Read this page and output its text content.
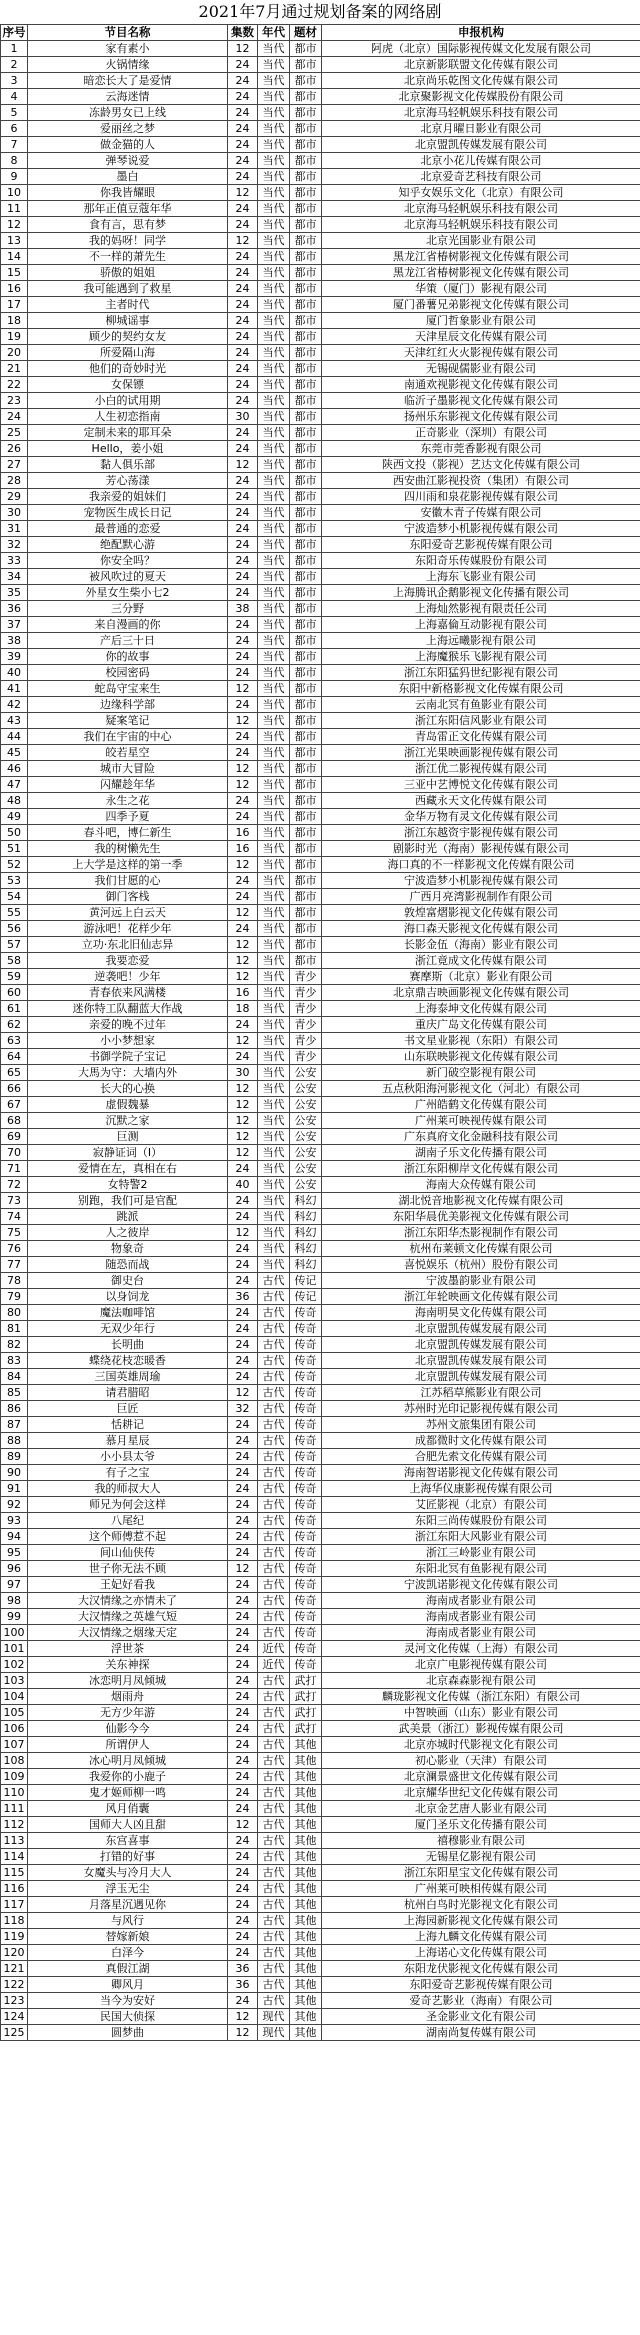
2021年7月通过规划备案的网络剧
序号	节目名称	集数	年代	题材	申报机构
1	家有素小	12	当代	都市	阿虎（北京）国际影视传媒文化发展有限公司
2	火锅情缘	24	当代	都市	北京新影联盟文化传媒有限公司
3	暗恋长大了是爱情	24	当代	都市	北京尚乐乾图文化传媒有限公司
4	云海迷情	24	当代	都市	北京聚影视文化传媒股份有限公司
5	冻龄男女已上线	24	当代	都市	北京海马轻帆娱乐科技有限公司
6	爱丽丝之梦	24	当代	都市	北京月曜日影业有限公司
7	做金猫的人	24	当代	都市	北京盟凯传媒发展有限公司
8	弹琴说爱	24	当代	都市	北京小花儿传媒有限公司
9	墨白	24	当代	都市	北京爱奇艺科技有限公司
10	你我皆耀眼	12	当代	都市	知乎女娱乐文化（北京）有限公司
11	那年正值豆蔻年华	24	当代	都市	北京海马轻帆娱乐科技有限公司
12	食有言，思有梦	24	当代	都市	北京海马轻帆娱乐科技有限公司
13	我的妈呀！同学	12	当代	都市	北京光国影业有限公司
14	不一样的萧先生	24	当代	都市	黑龙江省椿树影视文化传媒有限公司
15	骄傲的姐姐	24	当代	都市	黑龙江省椿树影视文化传媒有限公司
16	我可能遇到了救星	24	当代	都市	华策（厦门）影视有限公司
17	主者时代	24	当代	都市	厦门番薯兄弟影视文化传媒有限公司
18	柳城谣事	24	当代	都市	厦门哲象影业有限公司
19	顾少的契约女友	24	当代	都市	天津星辰文化传媒有限公司
20	所爱隔山海	24	当代	都市	天津红红火火影视传媒有限公司
21	他们的奇妙时光	24	当代	都市	无锡砚儒影业有限公司
22	女保镖	24	当代	都市	南通欢视影视文化传媒有限公司
23	小白的试用期	24	当代	都市	临沂子墨影视文化传媒有限公司
24	人生初恋指南	30	当代	都市	扬州乐东影视文化传媒有限公司
25	定制未来的耶耳朵	24	当代	都市	正奇影业（深圳）有限公司
26	Hello，姜小姐	24	当代	都市	东莞市莞香影视有限公司
27	黏人俱乐部	12	当代	都市	陕西文投（影视）艺达文化传媒有限公司
28	芳心荡漾	24	当代	都市	西安曲江影视投资（集团）有限公司
29	我亲爱的姐妹们	24	当代	都市	四川雨和泉花影视传媒有限公司
30	宠物医生成长日记	24	当代	都市	安徽木青子传媒有限公司
31	最普通的恋爱	24	当代	都市	宁波造梦小机影视传媒有限公司
32	绝配默心游	24	当代	都市	东阳爱奇艺影视传媒有限公司
33	你安全吗？	24	当代	都市	东阳奇乐传媒股份有限公司
34	被风吹过的夏天	24	当代	都市	上海东飞影业有限公司
35	外星女生柴小七2	24	当代	都市	上海腾讯企鹅影视文化传播有限公司
36	三分野	38	当代	都市	上海灿然影视有限责任公司
37	来自漫画的你	24	当代	都市	上海嘉倫互动影视有限公司
38	产后三十日	24	当代	都市	上海远曦影视有限公司
39	你的故事	24	当代	都市	上海魔猴乐飞影视有限公司
40	校园密码	24	当代	都市	浙江东阳猛犸世纪影视有限公司
41	蛇岛守宝来生	12	当代	都市	东阳中新格影视文化传媒有限公司
42	边缘科学部	24	当代	都市	云南北冥有鱼影业有限公司
43	疑案笔记	12	当代	都市	浙江东阳信风影业有限公司
44	我们在宇宙的中心	24	当代	都市	青岛雷正文化传媒有限公司
45	皎若星空	24	当代	都市	浙江光果映画影视传媒有限公司
46	城市大冒险	12	当代	都市	浙江优二影视传媒有限公司
47	闪耀趁年华	12	当代	都市	三亚中艺博悦文化传媒有限公司
48	永生之花	24	当代	都市	西藏永天文化传媒有限公司
49	四季予夏	24	当代	都市	金华万物有灵文化传媒有限公司
50	春斗吧，博仁新生	16	当代	都市	浙江东越资宇影视传媒有限公司
51	我的树懒先生	16	当代	都市	剧影时光（海南）影视传媒有限公司
52	上大学是这样的第一季	12	当代	都市	海口真的不一样影视文化传媒有限公司
53	我们甘愿的心	24	当代	都市	宁波造梦小机影视传媒有限公司
54	御门客栈	24	当代	都市	广西月亮湾影视制作有限公司
55	黄河远上白云天	12	当代	都市	敦煌富熠影视文化传媒有限公司
56	游泳吧！花样少年	24	当代	都市	海口森天影视文化传媒有限公司
57	立功·东北旧仙志异	12	当代	都市	长影金伍（海南）影业有限公司
58	我要恋爱	12	当代	都市	浙江竟成文化传媒有限公司
59	逆袭吧！少年	12	当代	青少	赛摩斯（北京）影业有限公司
60	青春依来风满楼	16	当代	青少	北京鼎吉映画影视文化传媒有限公司
61	迷你特工队翻蓝大作战	18	当代	青少	上海泰坤文化传媒有限公司
62	亲爱的晚不过年	24	当代	青少	重庆广岛文化传媒有限公司
63	小小梦想家	12	当代	青少	书文星业影视（东阳）有限公司
64	书御学院子宝记	24	当代	青少	山东联映影视文化传媒有限公司
65	大馬为守：大墙内外	30	当代	公安	新门破空影视有限公司
66	长大的心换	12	当代	公安	五点秋阳海河影视文化（河北）有限公司
67	虚假魏暴	12	当代	公安	广州皓鹤文化传媒有限公司
68	沉默之家	12	当代	公安	广州莱可映视传媒有限公司
69	巨测	12	当代	公安	广东真府文化金融科技有限公司
70	寂静证词（Ⅰ）	12	当代	公安	湖南子乐文化传播有限公司
71	爱情在左，真相在右	24	当代	公安	浙江东阳柳岸文化传媒有限公司
72	女特警2	40	当代	公安	海南大众传媒有限公司
73	别跑，我们可是官配	24	当代	科幻	湖北悦音地影视文化传媒有限公司
74	跳派	24	当代	科幻	东阳华晨优美影视文化传媒有限公司
75	人之彼岸	12	当代	科幻	浙江东阳华杰影视制作有限公司
76	物象奇	24	当代	科幻	杭州布莱顿文化传媒有限公司
77	随恐而战	24	当代	科幻	喜悦娱乐（杭州）股份有限公司
78	御史台	24	古代	传记	宁波墨韵影业有限公司
79	以身饲龙	36	古代	传记	浙江年轮映画文化传媒有限公司
80	魔法咖啡馆	24	古代	传奇	海南明昊文化传媒有限公司
81	无双少年行	24	古代	传奇	北京盟凯传媒发展有限公司
82	长明曲	24	古代	传奇	北京盟凯传媒发展有限公司
83	蝶绕花枝恋暖香	24	古代	传奇	北京盟凯传媒发展有限公司
84	三国英雄周瑜	24	古代	传奇	北京盟凯传媒发展有限公司
85	请君腊昭	12	古代	传奇	江苏稻草熊影业有限公司
86	巨匠	32	古代	传奇	苏州时光印记影视传媒有限公司
87	恬耕记	24	古代	传奇	苏州文旅集团有限公司
88	慕月星辰	24	古代	传奇	成都微时文化传媒有限公司
89	小小县太爷	24	古代	传奇	合肥先索文化传媒有限公司
90	有子之宝	24	古代	传奇	海南智诺影视文化传媒有限公司
91	我的师叔大人	24	古代	传奇	上海华仪康影视传媒有限公司
92	师兄为何会这样	24	古代	传奇	艾匠影视（北京）有限公司
93	八尾纪	24	古代	传奇	东阳三尚传媒股份有限公司
94	这个师傅惹不起	24	古代	传奇	浙江东阳大风影业有限公司
95	间山仙侠传	24	古代	传奇	浙江三岭影业有限公司
96	世子你无法不顾	12	古代	传奇	东阳北冥有鱼影视有限公司
97	王妃好看我	24	古代	传奇	宁波凯诺影视文化传媒有限公司
98	大汉情缘之亦情未了	24	古代	传奇	海南成者影业有限公司
99	大汉情缘之英雄气短	24	古代	传奇	海南成者影业有限公司
100	大汉情缘之烟缘天定	24	古代	传奇	海南成者影业有限公司
101	浮世茶	24	近代	传奇	灵河文化传媒（上海）有限公司
102	关东神探	24	近代	传奇	北京广电影视传媒有限公司
103	冰恋明月凤倾城	24	古代	武打	北京森森影视有限公司
104	烟雨舟	24	古代	武打	麟珑影视文化传媒（浙江东阳）有限公司
105	无方少年游	24	古代	武打	中智映画（山东）影业有限公司
106	仙影今今	24	古代	武打	武美景（浙江）影视传媒有限公司
107	所谓伊人	24	古代	其他	北京亦城时代影视文化有限公司
108	冰心明月凤倾城	24	古代	其他	初心影业（天津）有限公司
109	我爱你的小鹿子	24	古代	其他	北京澜景盛世文化传媒有限公司
110	鬼才姬师柳一鸣	24	古代	其他	北京耀华世纪文化传媒有限公司
111	风月俏囊	24	古代	其他	北京金艺唐人影业有限公司
112	国师大人凶且甜	12	古代	其他	厦门圣乐文化传播有限公司
113	东宫喜事	24	古代	其他	禧穆影业有限公司
114	打错的好事	24	古代	其他	无锡星亿影视有限公司
115	女魔头与冷月大人	24	古代	其他	浙江东阳星宝文化传媒有限公司
116	浮玉无尘	24	古代	其他	广州莱可映相传媒有限公司
117	月落星沉遇见你	24	古代	其他	杭州白鸟时光影视文化有限公司
118	与风行	24	古代	其他	上海园新影视文化传媒有限公司
119	替嫁新娘	24	古代	其他	上海九麟文化传媒有限公司
120	白泽今	24	古代	其他	上海诺心文化传媒有限公司
121	真假江湖	36	古代	其他	东阳龙伏影视文化传媒有限公司
122	卿风月	36	古代	其他	东阳爱奇艺影视传媒有限公司
123	当今为安好	24	古代	其他	爱奇艺影业（海南）有限公司
124	民国大侦探	12	现代	其他	圣金影业文化有限公司
125	圆梦曲	12	现代	其他	湖南尚复传媒有限公司
